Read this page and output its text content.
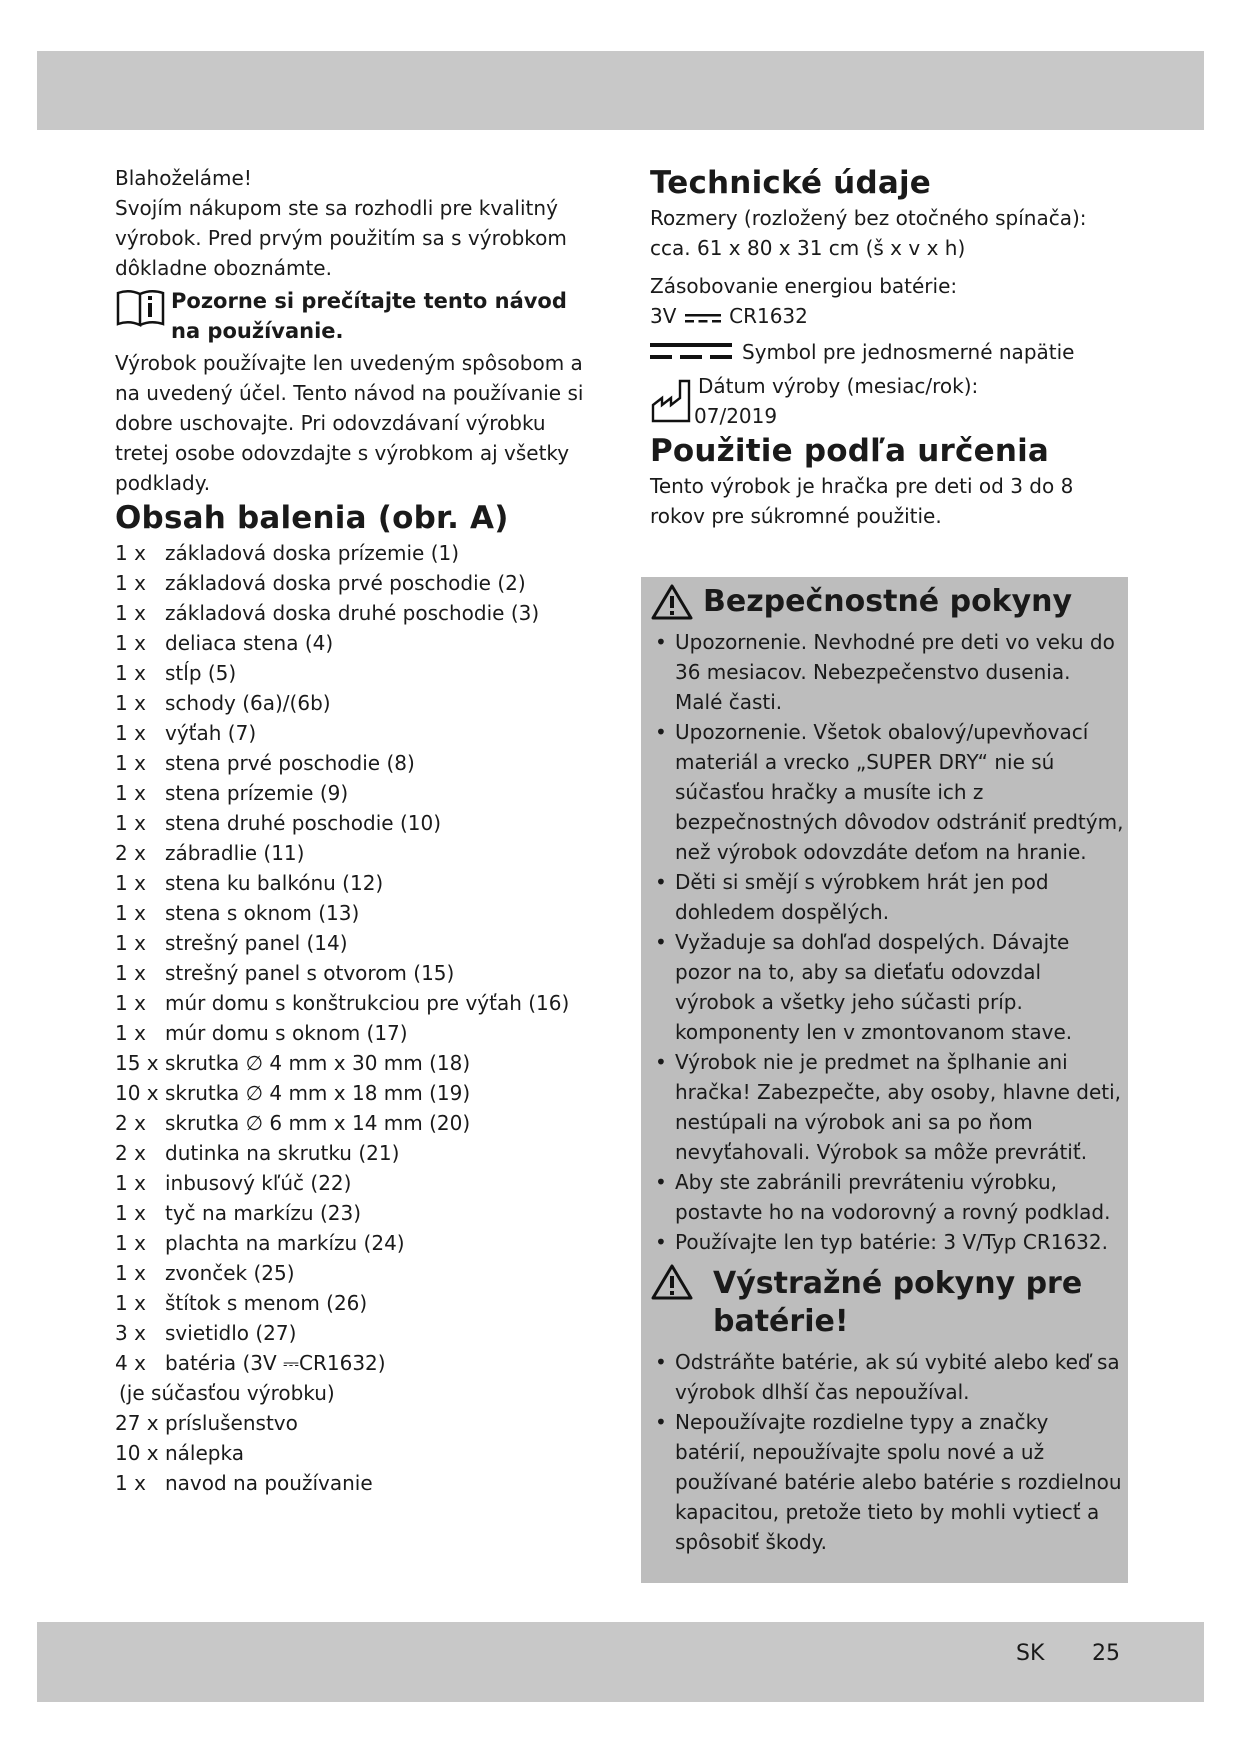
Blahoželáme!

Svojím nákupom ste sa rozhodli pre kvalitný výrobok. Pred prvým použitím sa s výrobkom dôkladne oboznámte.

Pozorne si prečítajte tento návod na používanie.

Výrobok používajte len uvedeným spôsobom a na uvedený účel. Tento návod na používanie si dobre uschovajte. Pri odovzdávaní výrobku tretej osobe odovzdajte s výrobkom aj všetky podklady.

Obsah balenia (obr. A)
1 x základová doska prízemie (1)
1 x základová doska prvé poschodie (2)
1 x základová doska druhé poschodie (3)
1 x deliaca stena (4)
1 x stĺp (5)
1 x schody (6a)/(6b)
1 x výťah (7)
1 x stena prvé poschodie (8)
1 x stena prízemie (9)
1 x stena druhé poschodie (10)
2 x zábradlie (11)
1 x stena ku balkónu (12)
1 x stena s oknom (13)
1 x strešný panel (14)
1 x strešný panel s otvorom (15)
1 x múr domu s konštrukciou pre výťah (16)
1 x múr domu s oknom (17)
15 x skrutka ∅ 4 mm x 30 mm (18)
10 x skrutka ∅ 4 mm x 18 mm (19)
2 x skrutka ∅ 6 mm x 14 mm (20)
2 x dutinka na skrutku (21)
1 x inbusový kľúč (22)
1 x tyč na markízu (23)
1 x plachta na markízu (24)
1 x zvonček (25)
1 x štítok s menom (26)
3 x svietidlo (27)
4 x batéria (3V ⎓CR1632)

(je súčasťou výrobku)

27 x príslušenstvo

10 x nálepka

1 x navod na používanie
Technické údaje

Rozmery (rozložený bez otočného spínača):

cca. 61 x 80 x 31 cm (š x v x h)

Zásobovanie energiou batérie:

3V	CR1632

Symbol pre jednosmerné napätie

Dátum výroby (mesiac/rok):

07/2019

Použitie podľa určenia

Tento výrobok je hračka pre deti od 3 do 8 rokov pre súkromné použitie.

Bezpečnostné pokyny
• Upozornenie. Nevhodné pre deti vo veku do 36 mesiacov. Nebezpečenstvo dusenia. Malé časti.
• Upozornenie. Všetok obalový/upevňovací materiál a vrecko „SUPER DRY“ nie sú súčasťou hračky a musíte ich z bezpečnostných dôvodov odstrániť predtým, než výrobok odovzdáte deťom na hranie.
• Děti si smějí s výrobkem hrát jen pod dohledem dospělých.
• Vyžaduje sa dohľad dospelých. Dávajte pozor na to, aby sa dieťaťu odovzdal výrobok a všetky jeho súčasti príp. komponenty len v zmontovanom stave.
• Výrobok nie je predmet na šplhanie ani hračka! Zabezpečte, aby osoby, hlavne deti, nestúpali na výrobok ani sa po ňom nevyťahovali. Výrobok sa môže prevrátiť.
• Aby ste zabránili prevráteniu výrobku, postavte ho na vodorovný a rovný podklad.
• Používajte len typ batérie: 3 V/Typ CR1632.
Výstražné pokyny pre batérie!
• Odstráňte batérie, ak sú vybité alebo keď sa výrobok dlhší čas nepoužíval.
• Nepoužívajte rozdielne typy a značky batérií, nepoužívajte spolu nové a už používané batérie alebo batérie s rozdielnou kapacitou, pretože tieto by mohli vytiecť a spôsobiť škody.
SK 25
